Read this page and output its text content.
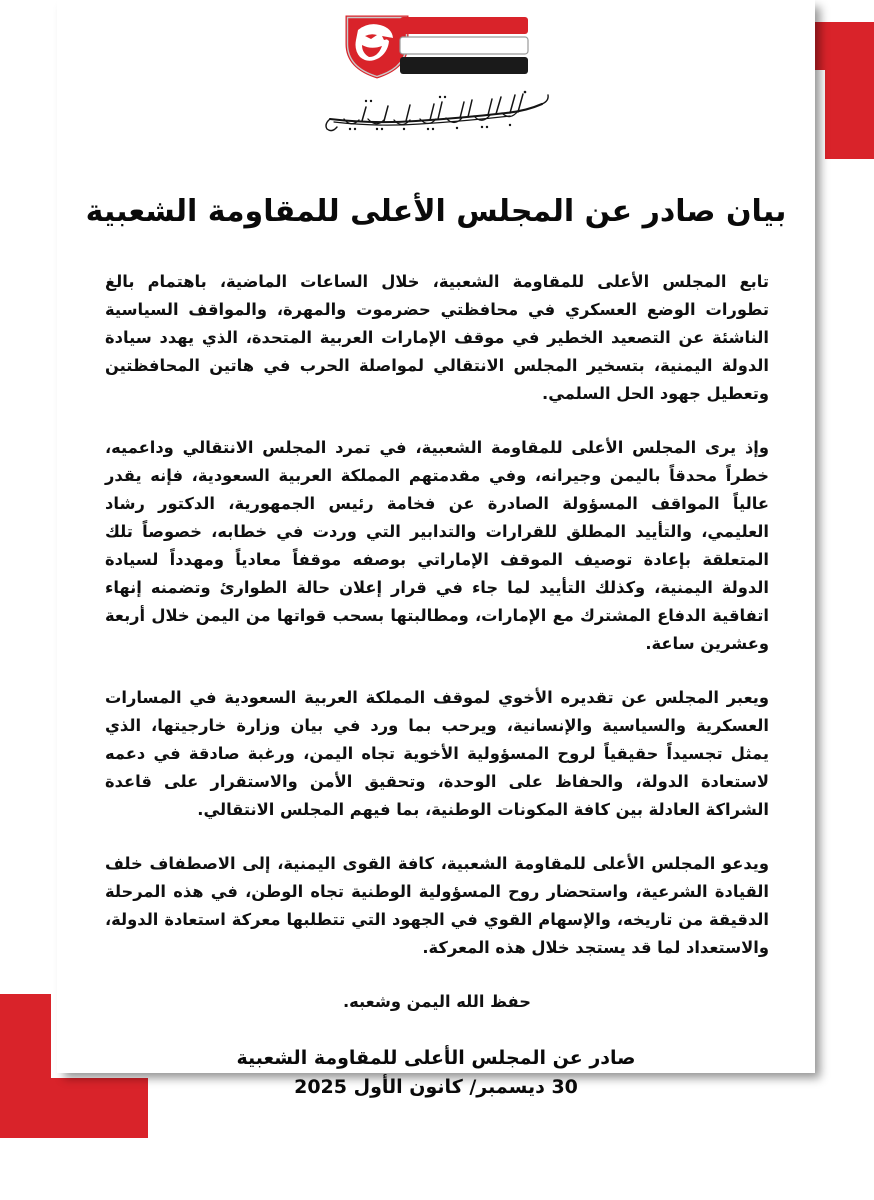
بيان صادر عن المجلس الأعلى للمقاومة الشعبية

تابع المجلس الأعلى للمقاومة الشعبية، خلال الساعات الماضية، باهتمام بالغ تطورات الوضع العسكري في محافظتي حضرموت والمهرة، والمواقف السياسية الناشئة عن التصعيد الخطير في موقف الإمارات العربية المتحدة، الذي يهدد سيادة الدولة اليمنية، بتسخير المجلس الانتقالي لمواصلة الحرب في هاتين المحافظتين وتعطيل جهود الحل السلمي.

وإذ يرى المجلس الأعلى للمقاومة الشعبية، في تمرد المجلس الانتقالي وداعميه، خطراً محدقاً باليمن وجيرانه، وفي مقدمتهم المملكة العربية السعودية، فإنه يقدر عالياً المواقف المسؤولة الصادرة عن فخامة رئيس الجمهورية، الدكتور رشاد العليمي، والتأييد المطلق للقرارات والتدابير التي وردت في خطابه، خصوصاً تلك المتعلقة بإعادة توصيف الموقف الإماراتي بوصفه موقفاً معادياً ومهدداً لسيادة الدولة اليمنية، وكذلك التأييد لما جاء في قرار إعلان حالة الطوارئ وتضمنه إنهاء اتفاقية الدفاع المشترك مع الإمارات، ومطالبتها بسحب قواتها من اليمن خلال أربعة وعشرين ساعة.

ويعبر المجلس عن تقديره الأخوي لموقف المملكة العربية السعودية في المسارات العسكرية والسياسية والإنسانية، ويرحب بما ورد في بيان وزارة خارجيتها، الذي يمثل تجسيداً حقيقياً لروح المسؤولية الأخوية تجاه اليمن، ورغبة صادقة في دعمه لاستعادة الدولة، والحفاظ على الوحدة، وتحقيق الأمن والاستقرار على قاعدة الشراكة العادلة بين كافة المكونات الوطنية، بما فيهم المجلس الانتقالي.

ويدعو المجلس الأعلى للمقاومة الشعبية، كافة القوى اليمنية، إلى الاصطفاف خلف القيادة الشرعية، واستحضار روح المسؤولية الوطنية تجاه الوطن، في هذه المرحلة الدقيقة من تاريخه، والإسهام القوي في الجهود التي تتطلبها معركة استعادة الدولة، والاستعداد لما قد يستجد خلال هذه المعركة.

حفظ الله اليمن وشعبه.

صادر عن المجلس الأعلى للمقاومة الشعبية
30 ديسمبر/ كانون الأول 2025
